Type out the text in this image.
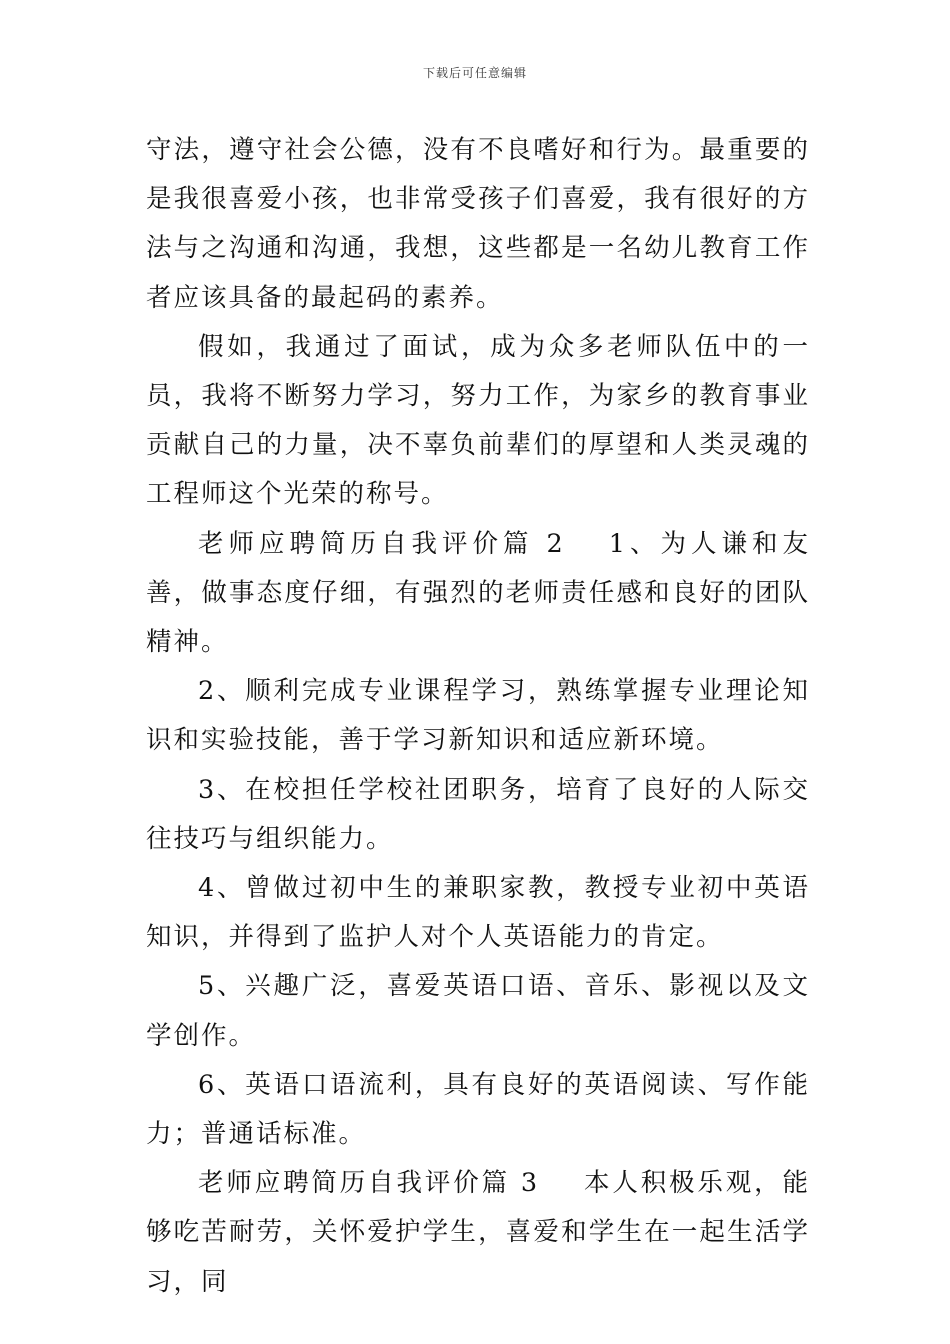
下载后可任意编辑

守法，遵守社会公德，没有不良嗜好和行为。最重要的是我很喜爱小孩，也非常受孩子们喜爱，我有很好的方法与之沟通和沟通，我想，这些都是一名幼儿教育工作者应该具备的最起码的素养。

假如，我通过了面试，成为众多老师队伍中的一员，我将不断努力学习，努力工作，为家乡的教育事业贡献自己的力量，决不辜负前辈们的厚望和人类灵魂的工程师这个光荣的称号。

老师应聘简历自我评价篇 2 1、为人谦和友善，做事态度仔细，有强烈的老师责任感和良好的团队精神。

2、顺利完成专业课程学习，熟练掌握专业理论知识和实验技能，善于学习新知识和适应新环境。

3、在校担任学校社团职务，培育了良好的人际交往技巧与组织能力。

4、曾做过初中生的兼职家教，教授专业初中英语知识，并得到了监护人对个人英语能力的肯定。

5、兴趣广泛，喜爱英语口语、音乐、影视以及文学创作。

6、英语口语流利，具有良好的英语阅读、写作能力；普通话标准。

老师应聘简历自我评价篇 3 本人积极乐观，能够吃苦耐劳，关怀爱护学生，喜爱和学生在一起生活学习，同
